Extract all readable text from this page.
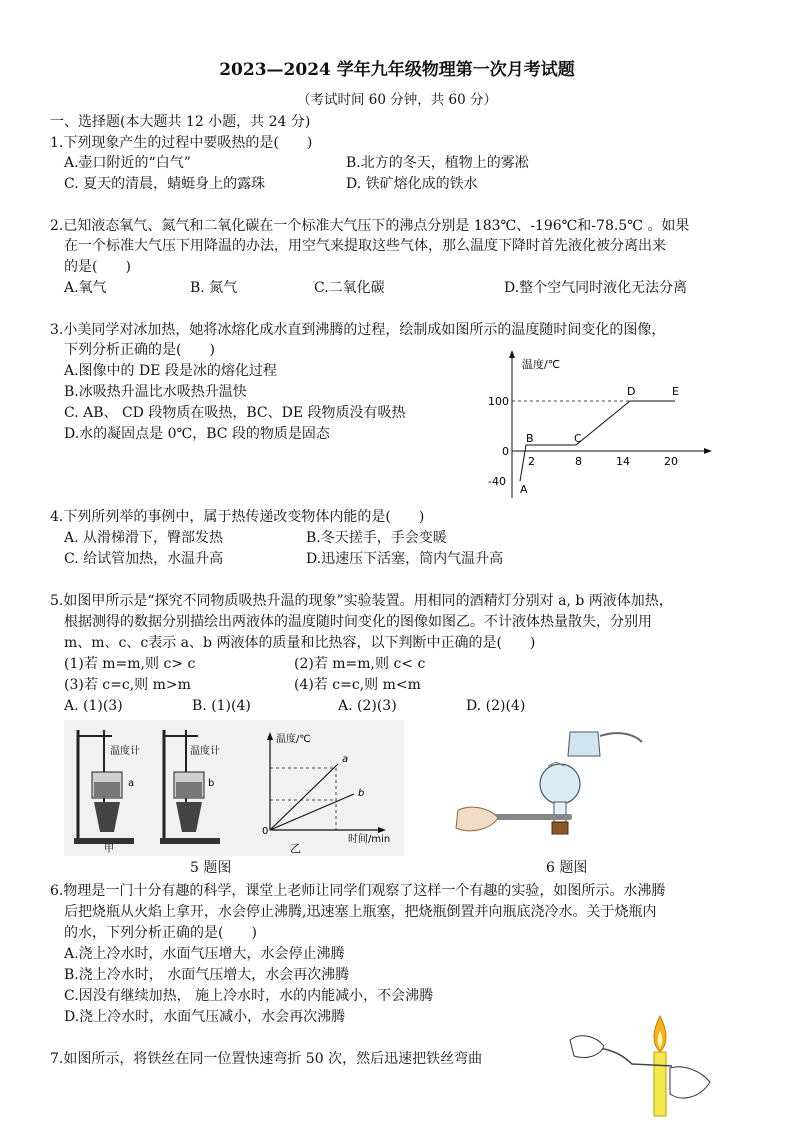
2023—2024 学年九年级物理第一次月考试题
（考试时间 60 分钟，共 60 分）
一、选择题(本大题共 12 小题，共 24 分)
1.下列现象产生的过程中要吸热的是(　　)
A.壶口附近的“白气”	B.北方的冬天，植物上的雾凇
C. 夏天的清晨，蜻蜓身上的露珠	D. 铁矿熔化成的铁水
2.已知液态氧气、氮气和二氧化碳在一个标准大气压下的沸点分别是 183℃、-196℃和-78.5℃ 。如果
在一个标准大气压下用降温的办法，用空气来提取这些气体，那么温度下降时首先液化被分离出来
的是(　　)
A.氧气	B. 氮气	C.二氧化碳	D.整个空气同时液化无法分离
3.小美同学对冰加热，她将冰熔化成水直到沸腾的过程，绘制成如图所示的温度随时间变化的图像，
下列分析正确的是(　　)
A.图像中的 DE 段是冰的熔化过程
B.冰吸热升温比水吸热升温快
C. AB、 CD 段物质在吸热，BC、DE 段物质没有吸热
D.水的凝固点是 0℃，BC 段的物质是固态
温度/℃
100
0
-40
2	8	14	20
A
B	C
D	E
4.下列所列举的事例中，属于热传递改变物体内能的是(　　)
A. 从滑梯滑下，臀部发热	B.冬天搓手，手会变暖
C. 给试管加热，水温升高	D.迅速压下活塞，筒内气温升高
5.如图甲所示是“探究不同物质吸热升温的现象”实验装置。用相同的酒精灯分别对 a, b 两液体加热，
根据测得的数据分别描绘出两液体的温度随时间变化的图像如图乙。不计液体热量散失，分别用
m、m、c、c表示 a、b 两液体的质量和比热容，以下判断中正确的是(　　)
(1)若 m=m,则 c> c	(2)若 m=m,则 c< c
(3)若 c=c,则 m>m	(4)若 c=c,则 m<m
A. (1)(3)	B. (1)(4)	A. (2)(3)	D. (2)(4)
温度计
a
甲
温度计
b
温度/℃
a
b
0
时间/min
乙
5 题图	6 题图
6.物理是一门十分有趣的科学，课堂上老师让同学们观察了这样一个有趣的实验，如图所示。水沸腾
后把烧瓶从火焰上拿开，水会停止沸腾,迅速塞上瓶塞，把烧瓶倒置并向瓶底浇冷水。关于烧瓶内
的水，下列分析正确的是(　　)
A.浇上冷水时，水面气压增大，水会停止沸腾
B.浇上冷水时， 水面气压增大，水会再次沸腾
C.因没有继续加热， 施上冷水时，水的内能减小，不会沸腾
D.浇上冷水时，水面气压减小，水会再次沸腾
7.如图所示，将铁丝在同一位置快速弯折 50 次，然后迅速把铁丝弯曲
